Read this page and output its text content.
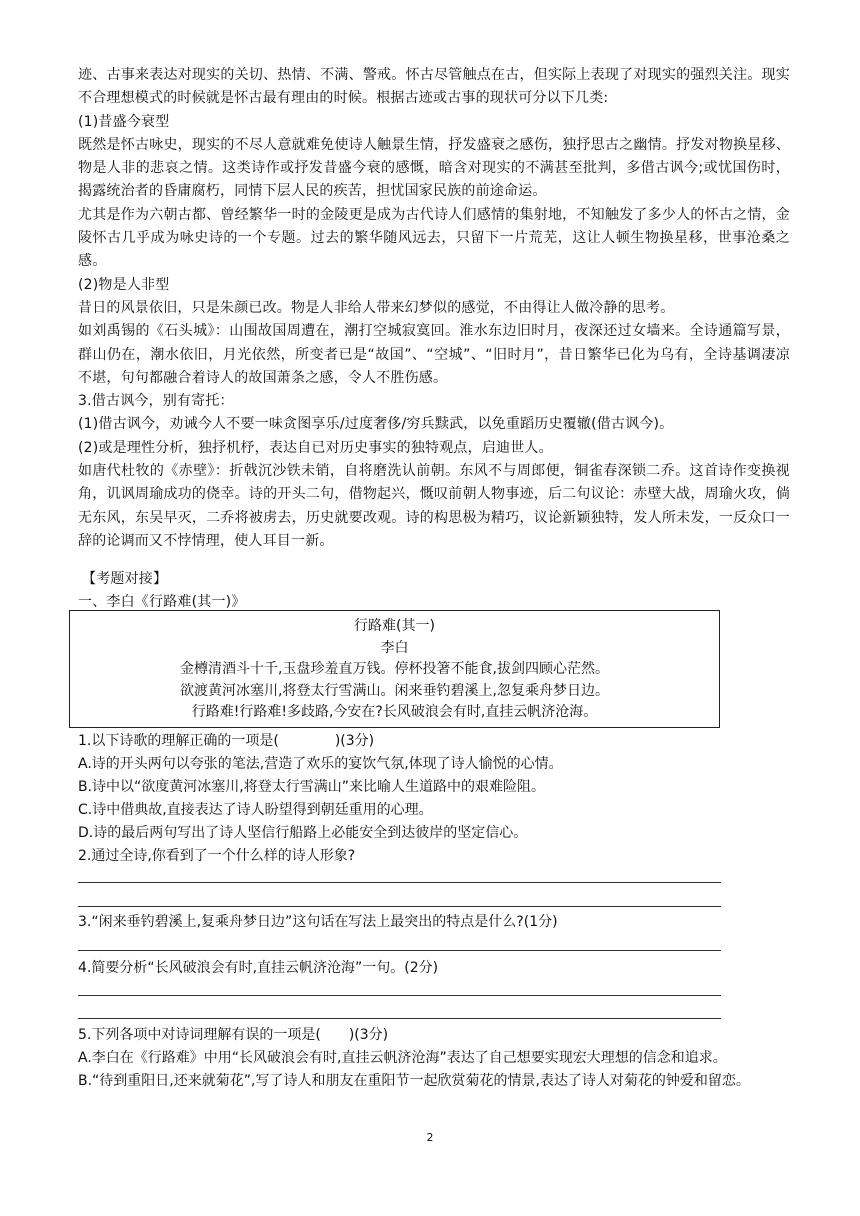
迹、古事来表达对现实的关切、热情、不满、警戒。怀古尽管触点在古，但实际上表现了对现实的强烈关注。现实不合理想模式的时候就是怀古最有理由的时候。根据古迹或古事的现状可分以下几类:

(1)昔盛今衰型

既然是怀古咏史，现实的不尽人意就难免使诗人触景生情，抒发盛衰之感伤，独抒思古之幽情。抒发对物换星移、物是人非的悲哀之情。这类诗作或抒发昔盛今衰的感慨，暗含对现实的不满甚至批判，多借古讽今;或忧国伤时，揭露统治者的昏庸腐朽，同情下层人民的疾苦，担忧国家民族的前途命运。

尤其是作为六朝古都、曾经繁华一时的金陵更是成为古代诗人们感情的集射地，不知触发了多少人的怀古之情，金陵怀古几乎成为咏史诗的一个专题。过去的繁华随风远去，只留下一片荒芜，这让人顿生物换星移，世事沧桑之感。

(2)物是人非型

昔日的风景依旧，只是朱颜已改。物是人非给人带来幻梦似的感觉，不由得让人做冷静的思考。

如刘禹锡的《石头城》：山围故国周遭在，潮打空城寂寞回。淮水东边旧时月，夜深还过女墙来。全诗通篇写景，群山仍在，潮水依旧，月光依然，所变者已是“故国”、“空城”、“旧时月”，昔日繁华已化为乌有，全诗基调凄凉不堪，句句都融合着诗人的故国萧条之感，令人不胜伤感。

3.借古讽今，别有寄托：

(1)借古讽今，劝诫今人不要一味贪图享乐/过度奢侈/穷兵黩武，以免重蹈历史覆辙(借古讽今)。

(2)或是理性分析，独抒机杼，表达自已对历史事实的独特观点，启迪世人。

如唐代杜牧的《赤壁》：折戟沉沙铁未销，自将磨洗认前朝。东风不与周郎便，铜雀春深锁二乔。这首诗作变换视角，讥讽周瑜成功的侥幸。诗的开头二句，借物起兴，慨叹前朝人物事迹，后二句议论：赤壁大战，周瑜火攻，倘无东风，东吴早灭，二乔将被虏去，历史就要改观。诗的构思极为精巧，议论新颖独特，发人所未发，一反众口一辞的论调而又不悖情理，使人耳目一新。

【考题对接】

一、李白《行路难(其一)》

行路难(其一)

李白

金樽清酒斗十千,玉盘珍羞直万钱。停杯投箸不能食,拔剑四顾心茫然。

欲渡黄河冰塞川,将登太行雪满山。闲来垂钓碧溪上,忽复乘舟梦日边。

行路难!行路难!多歧路,今安在?长风破浪会有时,直挂云帆济沧海。

1.以下诗歌的理解正确的一项是(　　　　)(3分)

A.诗的开头两句以夸张的笔法,营造了欢乐的宴饮气氛,体现了诗人愉悦的心情。

B.诗中以“欲度黄河冰塞川,将登太行雪满山”来比喻人生道路中的艰难险阻。

C.诗中借典故,直接表达了诗人盼望得到朝廷重用的心理。

D.诗的最后两句写出了诗人坚信行船路上必能安全到达彼岸的坚定信心。

2.通过全诗,你看到了一个什么样的诗人形象?

3.“闲来垂钓碧溪上,复乘舟梦日边”这句话在写法上最突出的特点是什么?(1分)

4.简要分析“长风破浪会有时,直挂云帆济沧海”一句。(2分)

5.下列各项中对诗词理解有误的一项是(　　)(3分)

A.李白在《行路难》中用“长风破浪会有时,直挂云帆济沧海”表达了自己想要实现宏大理想的信念和追求。

B.“待到重阳日,还来就菊花”,写了诗人和朋友在重阳节一起欣赏菊花的情景,表达了诗人对菊花的钟爱和留恋。

2
